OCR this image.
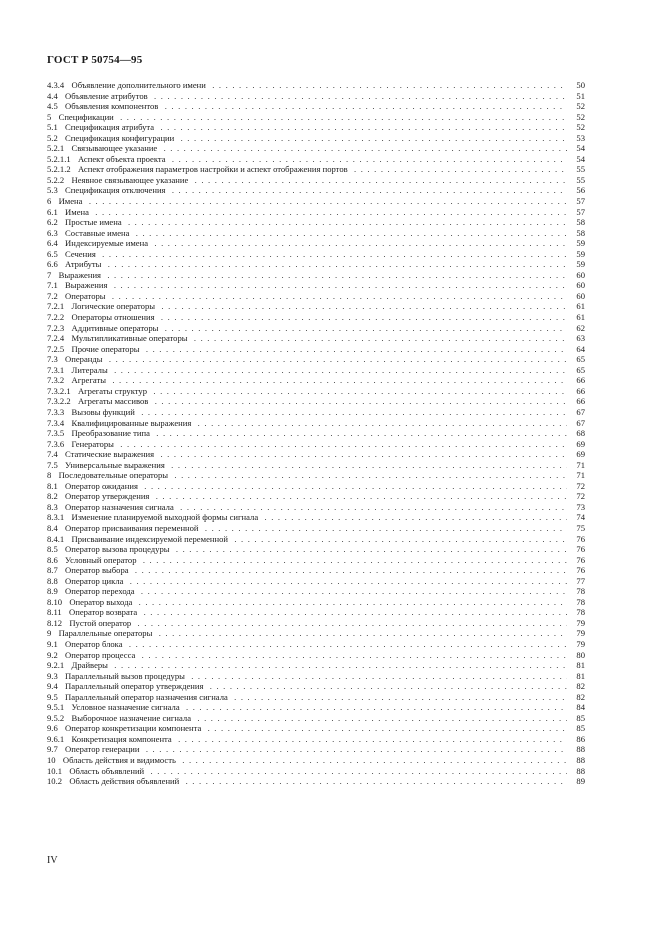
ГОСТ Р 50754—95
4.3.4  Объявление дополнительного имени . . .	50
4.4  Объявление атрибутов . . .	51
4.5  Объявления компонентов . . .	52
5  Спецификации . . .	52
5.1  Спецификация атрибута . . .	52
5.2  Спецификация конфигурации . . .	53
5.2.1  Связывающее указание . . .	54
5.2.1.1  Аспект объекта проекта . . .	54
5.2.1.2  Аспект отображения параметров настройки и аспект отображения портов . . .	55
5.2.2  Неявное связывающее указание . . .	55
5.3  Спецификация отключения . . .	56
6  Имена . . .	57
6.1  Имена . . .	57
6.2  Простые имена . . .	58
6.3  Составные имена . . .	58
6.4  Индексируемые имена . . .	59
6.5  Сечения . . .	59
6.6  Атрибуты . . .	59
7  Выражения . . .	60
7.1  Выражения . . .	60
7.2  Операторы . . .	60
7.2.1  Логические операторы . . .	61
7.2.2  Операторы отношения . . .	61
7.2.3  Аддитивные операторы . . .	62
7.2.4  Мультипликативные операторы . . .	63
7.2.5  Прочие операторы . . .	64
7.3  Операнды . . .	65
7.3.1  Литералы . . .	65
7.3.2  Агрегаты . . .	66
7.3.2.1  Агрегаты структур . . .	66
7.3.2.2  Агрегаты массивов . . .	66
7.3.3  Вызовы функций . . .	67
7.3.4  Квалифицированные выражения . . .	67
7.3.5  Преобразование типа . . .	68
7.3.6  Генераторы . . .	69
7.4  Статические выражения . . .	69
7.5  Универсальные выражения . . .	71
8  Последовательные операторы . . .	71
8.1  Оператор ожидания . . .	72
8.2  Оператор утверждения . . .	72
8.3  Оператор назначения сигнала . . .	73
8.3.1  Изменение планируемой выходной формы сигнала . . .	74
8.4  Оператор присваивания переменной . . .	75
8.4.1  Присваивание индексируемой переменной . . .	76
8.5  Оператор вызова процедуры . . .	76
8.6  Условный оператор . . .	76
8.7  Оператор выбора . . .	76
8.8  Оператор цикла . . .	77
8.9  Оператор перехода . . .	78
8.10  Оператор выхода . . .	78
8.11  Оператор возврата . . .	78
8.12  Пустой оператор . . .	79
9  Параллельные операторы . . .	79
9.1  Оператор блока . . .	79
9.2  Оператор процесса . . .	80
9.2.1  Драйверы . . .	81
9.3  Параллельный вызов процедуры . . .	81
9.4  Параллельный оператор утверждения . . .	82
9.5  Параллельный оператор назначения сигнала . . .	82
9.5.1  Условное назначение сигнала . . .	84
9.5.2  Выборочное назначение сигнала . . .	85
9.6  Оператор конкретизации компонента . . .	85
9.6.1  Конкретизация компонента . . .	86
9.7  Оператор генерации . . .	88
10  Область действия и видимость . . .	88
10.1  Область объявлений . . .	88
10.2  Область действия объявлений . . .	89
IV
